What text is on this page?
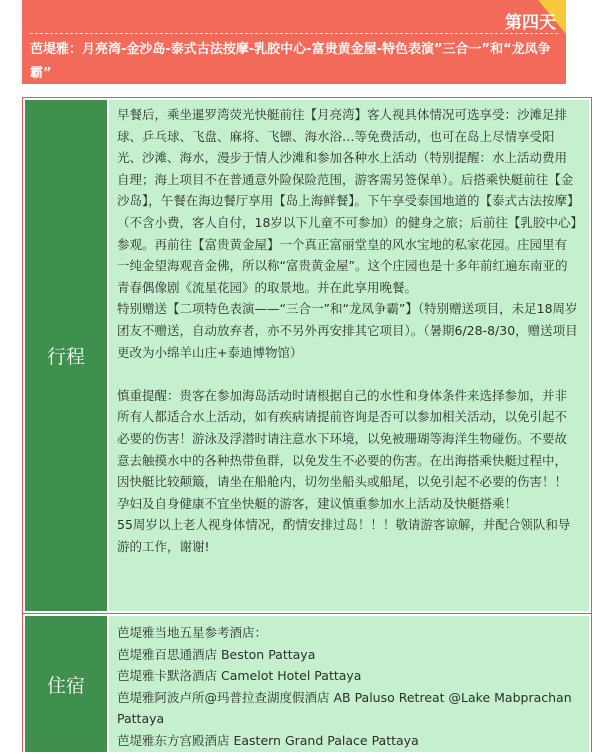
第四天
芭堤雅：月亮湾-金沙岛-泰式古法按摩-乳胶中心-富贵黄金屋-特色表演”三合一”和“龙凤争霸”
行程

早餐后，乘坐暹罗湾荧光快艇前往【月亮湾】客人视具体情况可选享受：沙滩足排球、乒乓球、飞盘、麻将、飞镖、海水浴…等免费活动，也可在岛上尽情享受阳光、沙滩、海水，漫步于情人沙滩和参加各种水上活动（特别提醒：水上活动费用自理；海上项目不在普通意外险保险范围，游客需另签保单）。后搭乘快艇前往【金沙岛】，午餐在海边餐厅享用【岛上海鲜餐】。下午享受泰国地道的【泰式古法按摩】（不含小费，客人自付，18岁以下儿童不可参加）的健身之旅；后前往【乳胶中心】参观。再前往【富贵黄金屋】一个真正富丽堂皇的风水宝地的私家花园。庄园里有一纯金望海观音金佛，所以称“富贵黄金屋”。这个庄园也是十多年前红遍东南亚的青春偶像剧《流星花园》的取景地。并在此享用晚餐。

特别赠送【二项特色表演——“三合一”和“龙凤争霸”】（特别赠送项目，未足18周岁团友不赠送，自动放弃者，亦不另外再安排其它项目）。（暑期6/28-8/30，赠送项目更改为小绵羊山庄+泰迪博物馆）

慎重提醒：贵客在参加海岛活动时请根据自己的水性和身体条件来选择参加，并非所有人都适合水上活动，如有疾病请提前咨询是否可以参加相关活动，以免引起不必要的伤害！游泳及浮潜时请注意水下环境，以免被珊瑚等海洋生物碰伤。不要故意去触摸水中的各种热带鱼群，以免发生不必要的伤害。在出海搭乘快艇过程中，因快艇比较颠簸，请坐在船舱内，切勿坐船头或船尾，以免引起不必要的伤害！！孕妇及自身健康不宜坐快艇的游客，建议慎重参加水上活动及快艇搭乘！

55周岁以上老人视身体情况，酌情安排过岛！！！敬请游客谅解，并配合领队和导游的工作，谢谢!

住宿

芭堤雅当地五星参考酒店：

芭堤雅百思通酒店 Beston Pattaya

芭堤雅卡默洛酒店 Camelot Hotel Pattaya

芭堤雅阿波卢所@玛普拉查湖度假酒店 AB Paluso Retreat @Lake Mabprachan Pattaya

芭堤雅东方宫殿酒店 Eastern Grand Palace Pattaya
